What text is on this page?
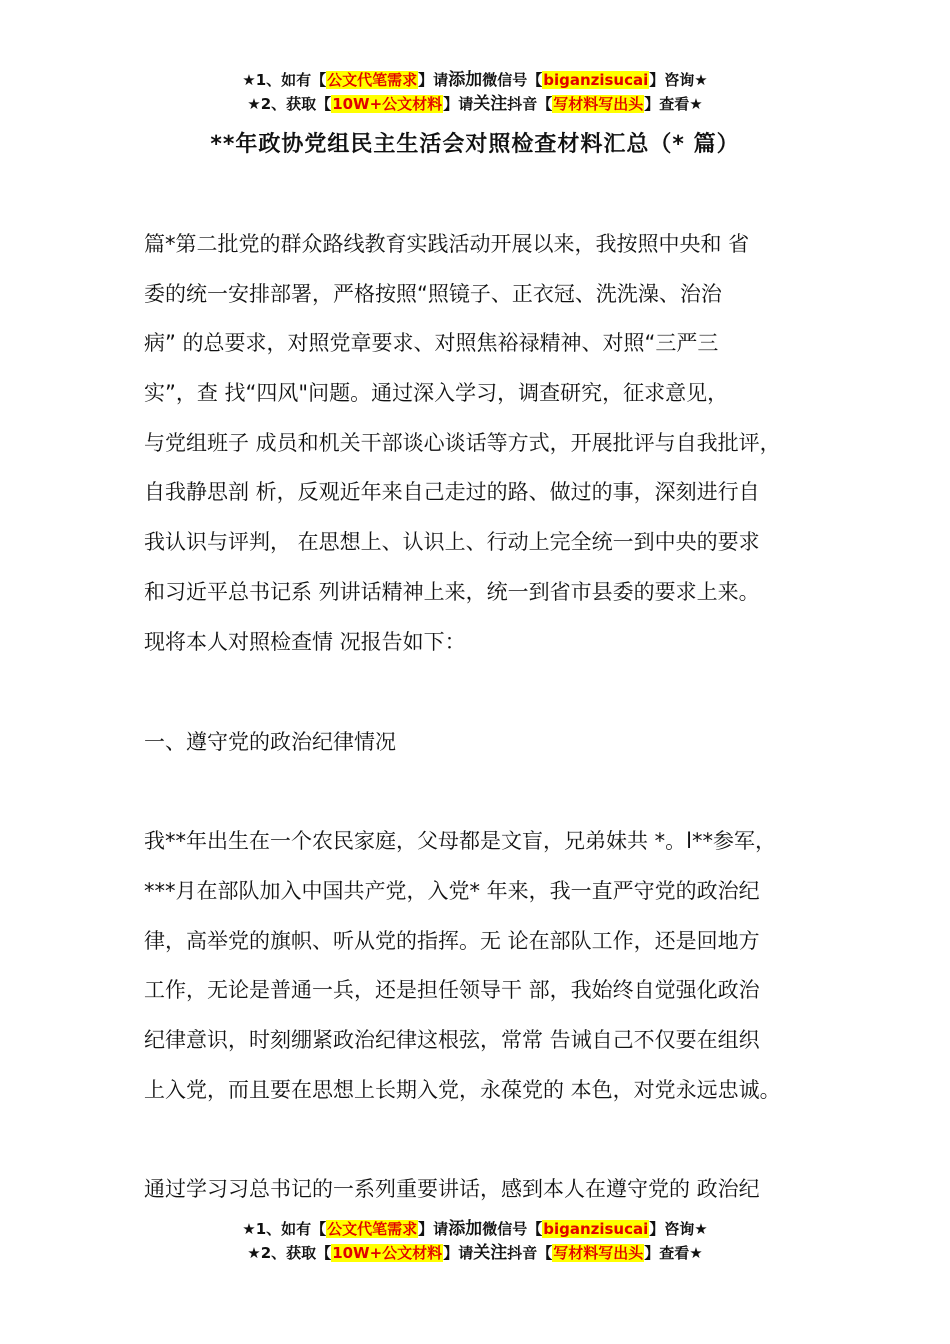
★1、如有【公文代笔需求】请添加微信号【biganzisucai】咨询★
★2、获取【10W+公文材料】请关注抖音【写材料写出头】查看★
**年政协党组民主生活会对照检查材料汇总（* 篇）
篇*第二批党的群众路线教育实践活动开展以来，我按照中央和 省
委的统一安排部署，严格按照“照镜子、正衣冠、洗洗澡、治治
病” 的总要求，对照党章要求、对照焦裕禄精神、对照“三严三
实”，查 找“四风"问题。通过深入学习，调查研究，征求意见，
与党组班子 成员和机关干部谈心谈话等方式，开展批评与自我批评，
自我静思剖 析，反观近年来自己走过的路、做过的事，深刻进行自
我认识与评判， 在思想上、认识上、行动上完全统一到中央的要求
和习近平总书记系 列讲话精神上来，统一到省市县委的要求上来。
现将本人对照检查情 况报告如下：
一、遵守党的政治纪律情况
我**年出生在一个农民家庭，父母都是文盲，兄弟妹共 *。l**参军，
***月在部队加入中国共产党，入党* 年来，我一直严守党的政治纪
律，高举党的旗帜、听从党的指挥。无 论在部队工作，还是回地方
工作，无论是普通一兵，还是担任领导干 部，我始终自觉强化政治
纪律意识，时刻绷紧政治纪律这根弦，常常 告诫自己不仅要在组织
上入党，而且要在思想上长期入党，永葆党的 本色，对党永远忠诚。
通过学习习总书记的一系列重要讲话，感到本人在遵守党的 政治纪
★1、如有【公文代笔需求】请添加微信号【biganzisucai】咨询★
★2、获取【10W+公文材料】请关注抖音【写材料写出头】查看★
